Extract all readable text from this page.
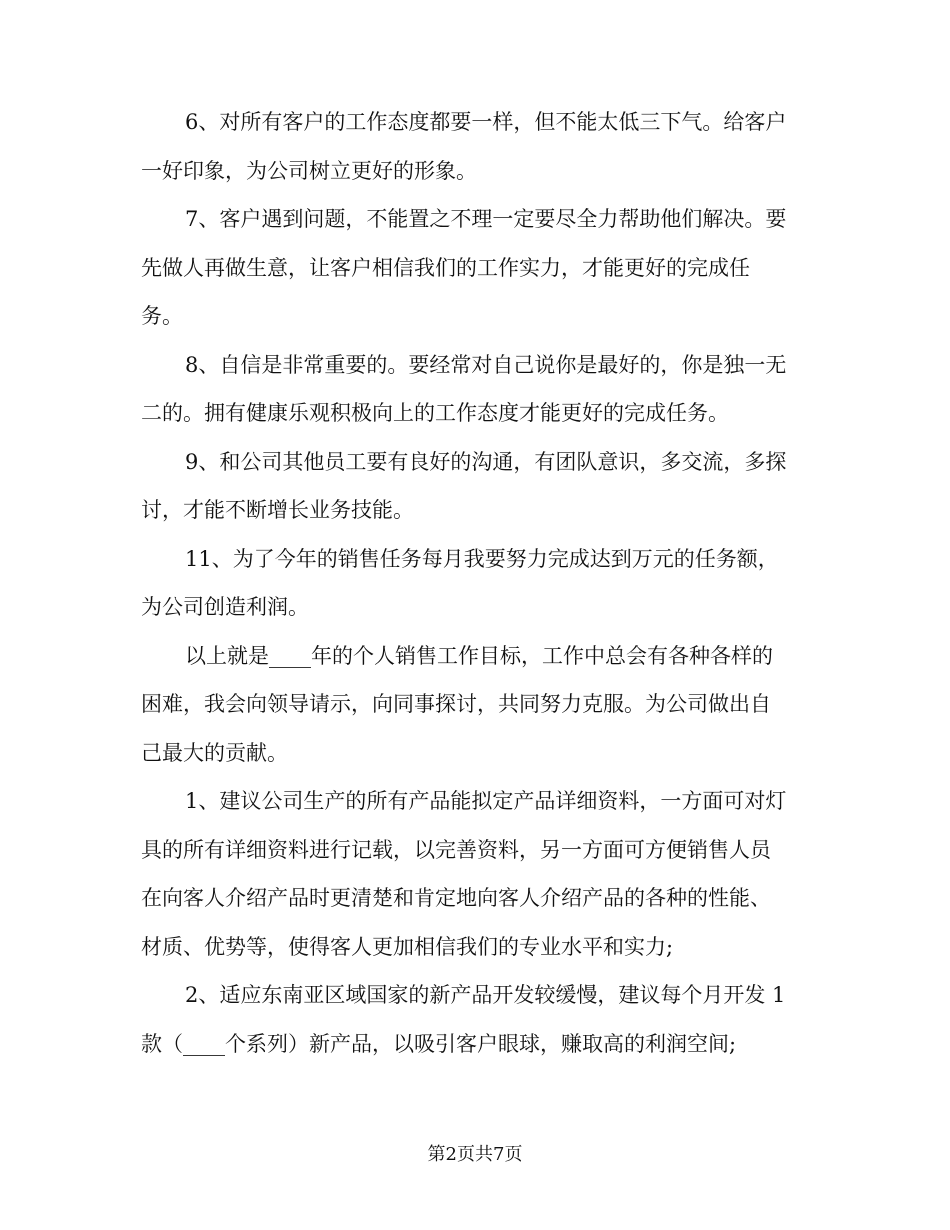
6、对所有客户的工作态度都要一样，但不能太低三下气。给客户
一好印象，为公司树立更好的形象。

7、客户遇到问题，不能置之不理一定要尽全力帮助他们解决。要
先做人再做生意，让客户相信我们的工作实力，才能更好的完成任
务。

8、自信是非常重要的。要经常对自己说你是最好的，你是独一无
二的。拥有健康乐观积极向上的工作态度才能更好的完成任务。

9、和公司其他员工要有良好的沟通，有团队意识，多交流，多探
讨，才能不断增长业务技能。

11、为了今年的销售任务每月我要努力完成达到万元的任务额，
为公司创造利润。

以上就是____年的个人销售工作目标，工作中总会有各种各样的
困难，我会向领导请示，向同事探讨，共同努力克服。为公司做出自
己最大的贡献。

1、建议公司生产的所有产品能拟定产品详细资料，一方面可对灯
具的所有详细资料进行记载，以完善资料，另一方面可方便销售人员
在向客人介绍产品时更清楚和肯定地向客人介绍产品的各种的性能、
材质、优势等，使得客人更加相信我们的专业水平和实力;

2、适应东南亚区域国家的新产品开发较缓慢，建议每个月开发 1
款（____个系列）新产品，以吸引客户眼球，赚取高的利润空间;

第2页共7页
